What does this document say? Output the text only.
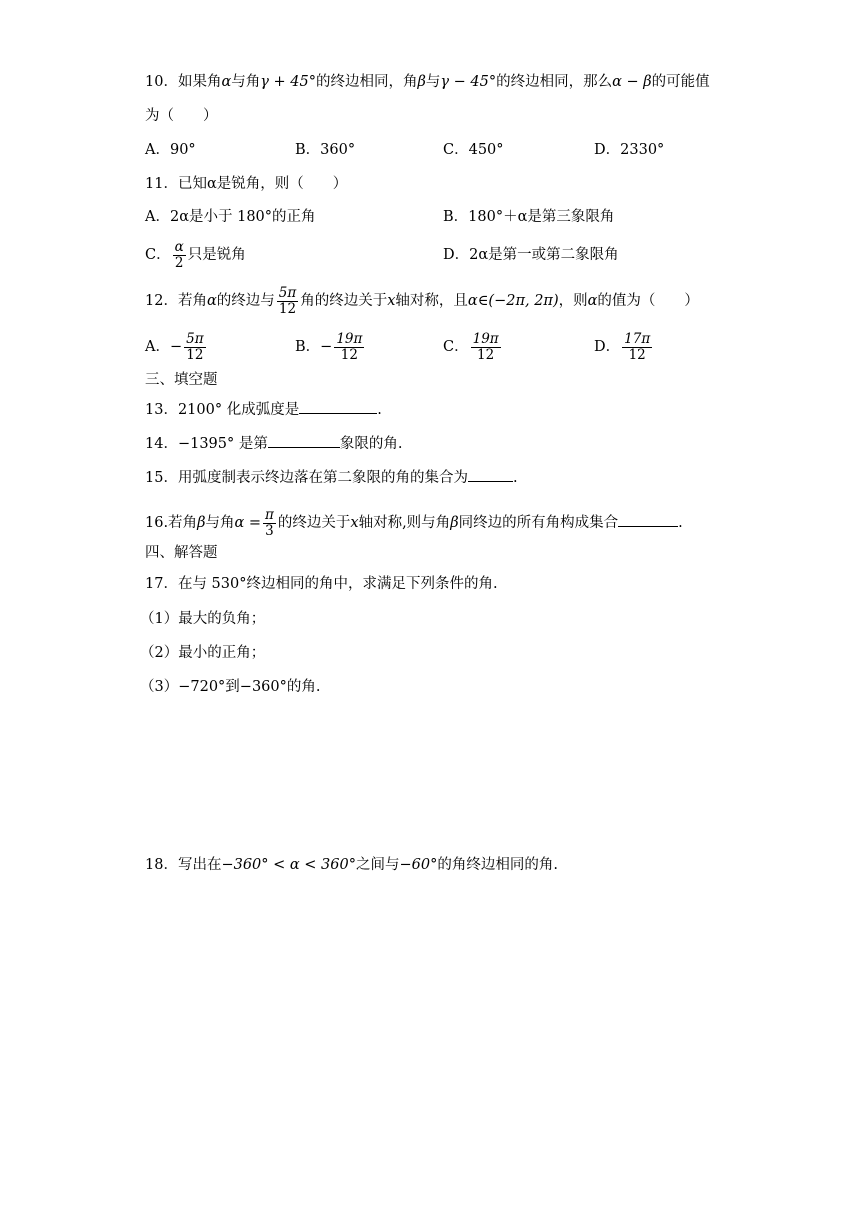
10．如果角α与角γ + 45°的终边相同，角β与γ − 45°的终边相同，那么α − β的可能值
为（　　）
A．90°	B．360°	C．450°	D．2330°
11．已知α是锐角，则（　　）
A．2α是小于 180°的正角	B．180°＋α是第三象限角
C． $\frac{\alpha}{2}$ 只是锐角	D．2α是第一或第二象限角
12．若角α的终边与 $\frac{5\pi}{12}$ 角的终边关于x轴对称，且α∈(−2π, 2π)，则α的值为（　　）
A．− $\frac{5\pi}{12}$	B．− $\frac{19\pi}{12}$	C． $\frac{19\pi}{12}$	D． $\frac{17\pi}{12}$
三、填空题
13．2100° 化成弧度是	.
14．−1395° 是第	象限的角.
15．用弧度制表示终边落在第二象限的角的集合为	.
16.若角β与角$\alpha = \frac{\pi}{3}$ 的终边关于x轴对称,则与角β同终边的所有角构成集合	.
四、解答题
17．在与 530°终边相同的角中，求满足下列条件的角.
（1）最大的负角；
（2）最小的正角；
（3）−720°到−360°的角.
18．写出在−360° < α < 360°之间与−60°的角终边相同的角.
